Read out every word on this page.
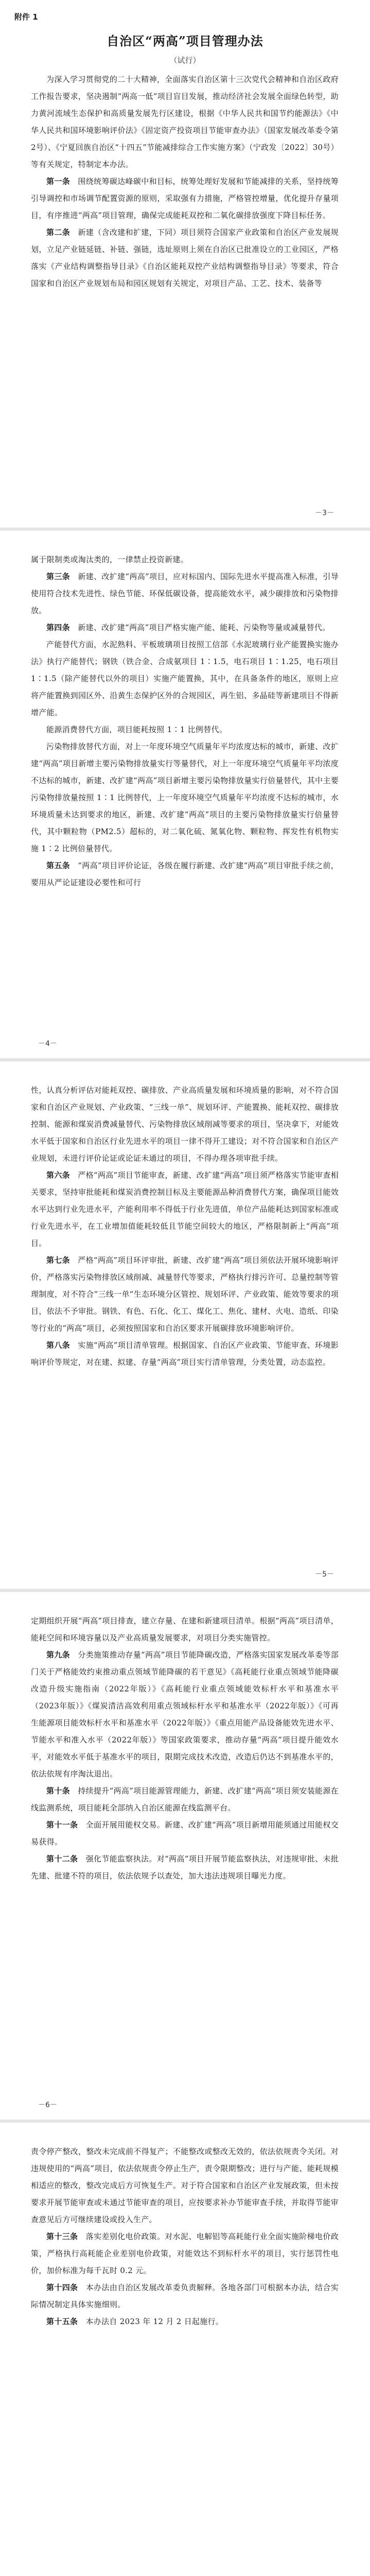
附件 1
自治区“两高”项目管理办法
（试行）

为深入学习贯彻党的二十大精神，全面落实自治区第十三次党代会精神和自治区政府工作报告要求，坚决遏制“两高一低”项目盲目发展，推动经济社会发展全面绿色转型，助力黄河流域生态保护和高质量发展先行区建设，根据《中华人民共和国节约能源法》《中华人民共和国环境影响评价法》《固定资产投资项目节能审查办法》（国家发展改革委令第2号）、《宁夏回族自治区“十四五”节能减排综合工作实施方案》（宁政发〔2022〕30号）等有关规定，特制定本办法。

第一条　 围绕统筹碳达峰碳中和目标，统筹处理好发展和节能减排的关系，坚持统筹引导调控和市场调节配置资源的原则，采取强有力措施，严格管控增量，优化提升存量项目，有序推进“两高”项目管理，确保完成能耗双控和二氧化碳排放强度下降目标任务。

第二条　 新建（含改建和扩建，下同）项目须符合国家产业政策和自治区产业发展规划，立足产业链延链、补链、强链，选址原则上须在自治区已批准设立的工业园区，严格落实《产业结构调整指导目录》《自治区能耗双控产业结构调整指导目录》等要求，符合国家和自治区产业规划布局和园区规划有关规定，对项目产品、工艺、技术、装备等

－3－

属于限制类或淘汰类的，一律禁止投资新建。

第三条　 新建、改扩建“两高”项目，应对标国内、国际先进水平提高准入标准，引导使用符合技术先进性、绿色节能、环保低碳设备，提高能效水平，减少碳排放和污染物排放。

第四条　 新建、改扩建“两高”项目严格实施产能、能耗、污染物等量或减量替代。

产能替代方面，水泥熟料、平板玻璃项目按照工信部《水泥玻璃行业产能置换实施办法》执行产能替代；钢铁（铁合金、合成氨项目 1∶1.5，电石项目 1∶1.25，电石项目 1∶1.5（除产能替代以外的项目）实施产能置换，其中，在具备条件的地区，原则上应将产能置换到园区外、沿黄生态保护区外的合规园区，再生铝、多晶硅等新建项目不得新增产能。

能源消费替代方面，项目能耗按照 1∶1 比例替代。

污染物排放替代方面，对上一年度环境空气质量年平均浓度达标的城市，新建、改扩建“两高”项目新增主要污染物排放量实行等量替代，对上一年度环境空气质量年平均浓度不达标的城市，新建、改扩建“两高”项目新增主要污染物排放量实行倍量替代，其中主要污染物排放量按照 1∶1 比例替代，上一年度环境空气质量年平均浓度不达标的城市，水环境质量未达到要求的地区，新建、改扩建“两高”项目的主要污染物排放量实行倍量替代，其中颗粒物（PM2.5）超标的，对二氧化硫、氮氧化物、颗粒物、挥发性有机物实施 1∶2 比例倍量替代。

第五条　 “两高”项目评价论证，各级在履行新建、改扩建“两高”项目审批手续之前，要用从严论证建设必要性和可行

－4－

性，认真分析评估对能耗双控、碳排放、产业高质量发展和环境质量的影响，对不符合国家和自治区产业规划、产业政策、“三线一单”、规划环评、产能置换、能耗双控、碳排放控制、能源和煤炭消费减量替代、污染物排放区域削减等要求的项目，坚决拿下，对能效水平低于国家和自治区行业先进水平的项目一律不得开工建设；对不符合国家和自治区产业规划，未进行评价论证或论证未通过的项目，不得办理各项审批手续。

第六条　 严格“两高”项目节能审查，新建、改扩建“两高”项目须严格落实节能审查相关要求，坚持审批能耗和煤炭消费控制目标及主要能源品种消费替代方案，确保项目能效水平达到行业先进水平，产能利用率不得低于行业先进值，单位产品能耗达到国家标准或行业先进水平，在工业增加值能耗较低且节能空间较大的地区，严格限制新上“两高”项目。

第七条　 严格“两高”项目环评审批，新建、改扩建“两高”项目须依法开展环境影响评价，严格落实污染物排放区域削减、减量替代等要求，严格执行排污许可、总量控制等管理制度，对不符合“三线一单”生态环境分区管控、规划环评、产业政策、能效等要求的项目，依法不予审批。钢铁、有色、石化、化工、煤化工、焦化、建材、火电、造纸、印染等行业的“两高”项目，必须按照国家和自治区要求开展碳排放环境影响评价。

第八条　 实施“两高”项目清单管理。根据国家、自治区产业政策、节能审查、环境影响评价等规定，对在建、拟建、存量“两高”项目实行清单管理，分类处置，动态监控。

－5－

定期组织开展“两高”项目排查，建立存量、在建和新建项目清单。根据“两高”项目清单，能耗空间和环境容量以及产业高质量发展要求，对项目分类实施管控。

第九条　 分类施策推动存量“两高”项目节能降碳改造，严格落实国家发展改革委等部门关于严格能效约束推动重点领域节能降碳的若干意见》《高耗能行业重点领域节能降碳改造升级实施指南（2022年版）》《高耗能行业重点领域能效标杆水平和基准水平（2023年版）》《煤炭清洁高效利用重点领域标杆水平和基准水平（2022年版）》《可再生能源项目能效标杆水平和基准水平（2022年版）》《重点用能产品设备能效先进水平、节能水平和准入水平（2022年版）》等国家政策要求，推动存量“两高”项目提升能效水平，对能效水平低于基准水平的项目，限期完成技术改造，改造后仍达不到基准水平的，依法依规有序淘汰退出。

第十条　 持续提升“两高”项目能源管理能力，新建、改扩建“两高”项目须安装能源在线监测系统，项目能耗全部纳入自治区能源在线监测平台。

第十一条　 全面开展用能权交易。新建、改扩建“两高”项目新增用能须通过用能权交易获得。

第十二条　 强化节能监察执法。对“两高”项目开展节能监察执法，对违规审批、未批先建、批建不符的项目，依法依规予以查处，加大违法违规项目曝光力度。

－6－

责令停产整改，整改未完成前不得复产；不能整改或整改无效的，依法依规责令关闭。对违规使用的“两高”项目，依法依规责令停止生产，责令限期整改；进行与产能、能耗规模相适应的整改，整改完成后方可恢复生产。对于符合国家和自治区产业发展政策，但未按要求开展节能审查或未通过节能审查的项目，应按要求补办节能审查手续，并取得节能审查意见后方可继续建设或投入生产。

第十三条　 落实差别化电价政策。对水泥、电解铝等高耗能行业全面实施阶梯电价政策，严格执行高耗能企业差别电价政策，对能效达不到标杆水平的项目，实行惩罚性电价，加价标准为每千瓦时 0.2 元。

第十四条　 本办法由自治区发展改革委负责解释。各地各部门可根据本办法，结合实际情况制定具体实施细则。

第十五条　 本办法自 2023 年 12 月 2 日起施行。
